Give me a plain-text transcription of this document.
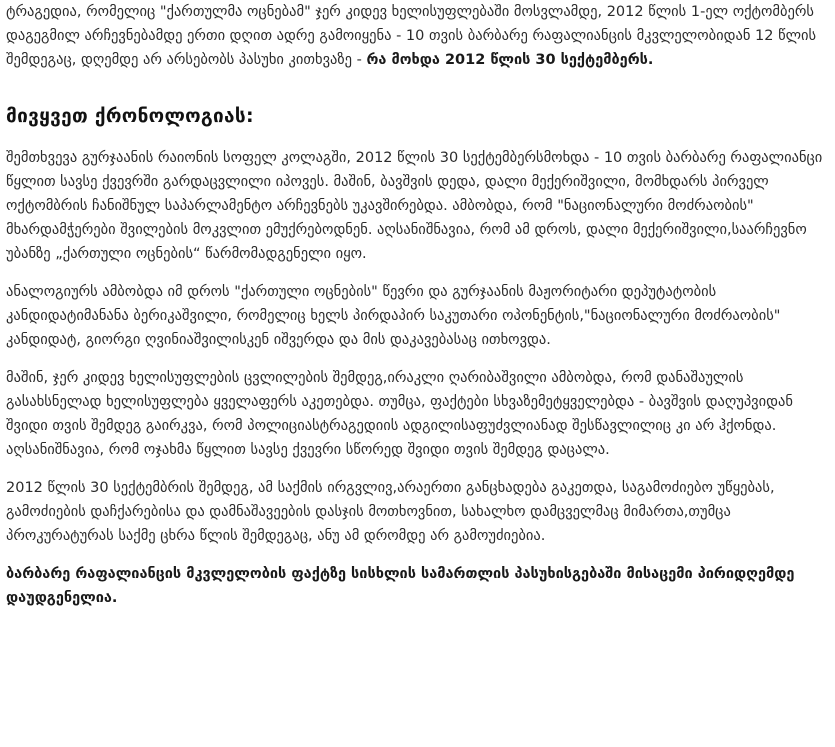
ტრაგედია, რომელიც "ქართულმა ოცნებამ" ჯერ კიდევ ხელისუფლებაში მოსვლამდე, 2012 წლის 1-ელ ოქტომბერს დაგეგმილ არჩევნებამდე ერთი დღით ადრე გამოიყენა - 10 თვის ბარბარე რაფალიანცის მკვლელობიდან 12 წლის შემდეგაც, დღემდე არ არსებობს პასუხი კითხვაზე - რა მოხდა 2012 წლის 30 სექტემბერს.

მივყვეთ ქრონოლოგიას:

შემთხვევა გურჯაანის რაიონის სოფელ კოლაგში, 2012 წლის 30 სექტემბერსმოხდა - 10 თვის ბარბარე რაფალიანცი წყლით სავსე ქვევრში გარდაცვლილი იპოვეს. მაშინ, ბავშვის დედა, დალი მექერიშვილი, მომხდარს პირველ ოქტომბრის ჩანიშნულ საპარლამენტო არჩევნებს უკავშირებდა. ამბობდა, რომ "ნაციონალური მოძრაობის" მხარდამჭერები შვილების მოკვლით ემუქრებოდნენ. აღსანიშნავია, რომ ამ დროს, დალი მექერიშვილი,საარჩევნო უბანზე „ქართული ოცნების“ წარმომადგენელი იყო.

ანალოგიურს ამბობდა იმ დროს "ქართული ოცნების" წევრი და გურჯაანის მაჟორიტარი დეპუტატობის კანდიდატიმანანა ბერიკაშვილი, რომელიც ხელს პირდაპირ საკუთარი ოპონენტის,"ნაციონალური მოძრაობის" კანდიდატ, გიორგი ღვინიაშვილისკენ იშვერდა და მის დაკავებასაც ითხოვდა.

მაშინ, ჯერ კიდევ ხელისუფლების ცვლილების შემდეგ,ირაკლი ღარიბაშვილი ამბობდა, რომ დანაშაულის გასახსნელად ხელისუფლება ყველაფერს აკეთებდა. თუმცა, ფაქტები სხვაზემეტყველებდა - ბავშვის დაღუპვიდან შვიდი თვის შემდეგ გაირკვა, რომ პოლიციასტრაგედიის ადგილისაფუძვლიანად შესწავლილიც კი არ ჰქონდა. აღსანიშნავია, რომ ოჯახმა წყლით სავსე ქვევრი სწორედ შვიდი თვის შემდეგ დაცალა.

2012 წლის 30 სექტემბრის შემდეგ, ამ საქმის ირგვლივ,არაერთი განცხადება გაკეთდა, საგამოძიებო უწყებას, გამოძიების დაჩქარებისა და დამნაშავეების დასჯის მოთხოვნით, სახალხო დამცველმაც მიმართა,თუმცა პროკურატურას საქმე ცხრა წლის შემდეგაც, ანუ ამ დრომდე არ გამოუძიებია.

ბარბარე რაფალიანცის მკვლელობის ფაქტზე სისხლის სამართლის პასუხისგებაში მისაცემი პირიდღემდე დაუდგენელია.
